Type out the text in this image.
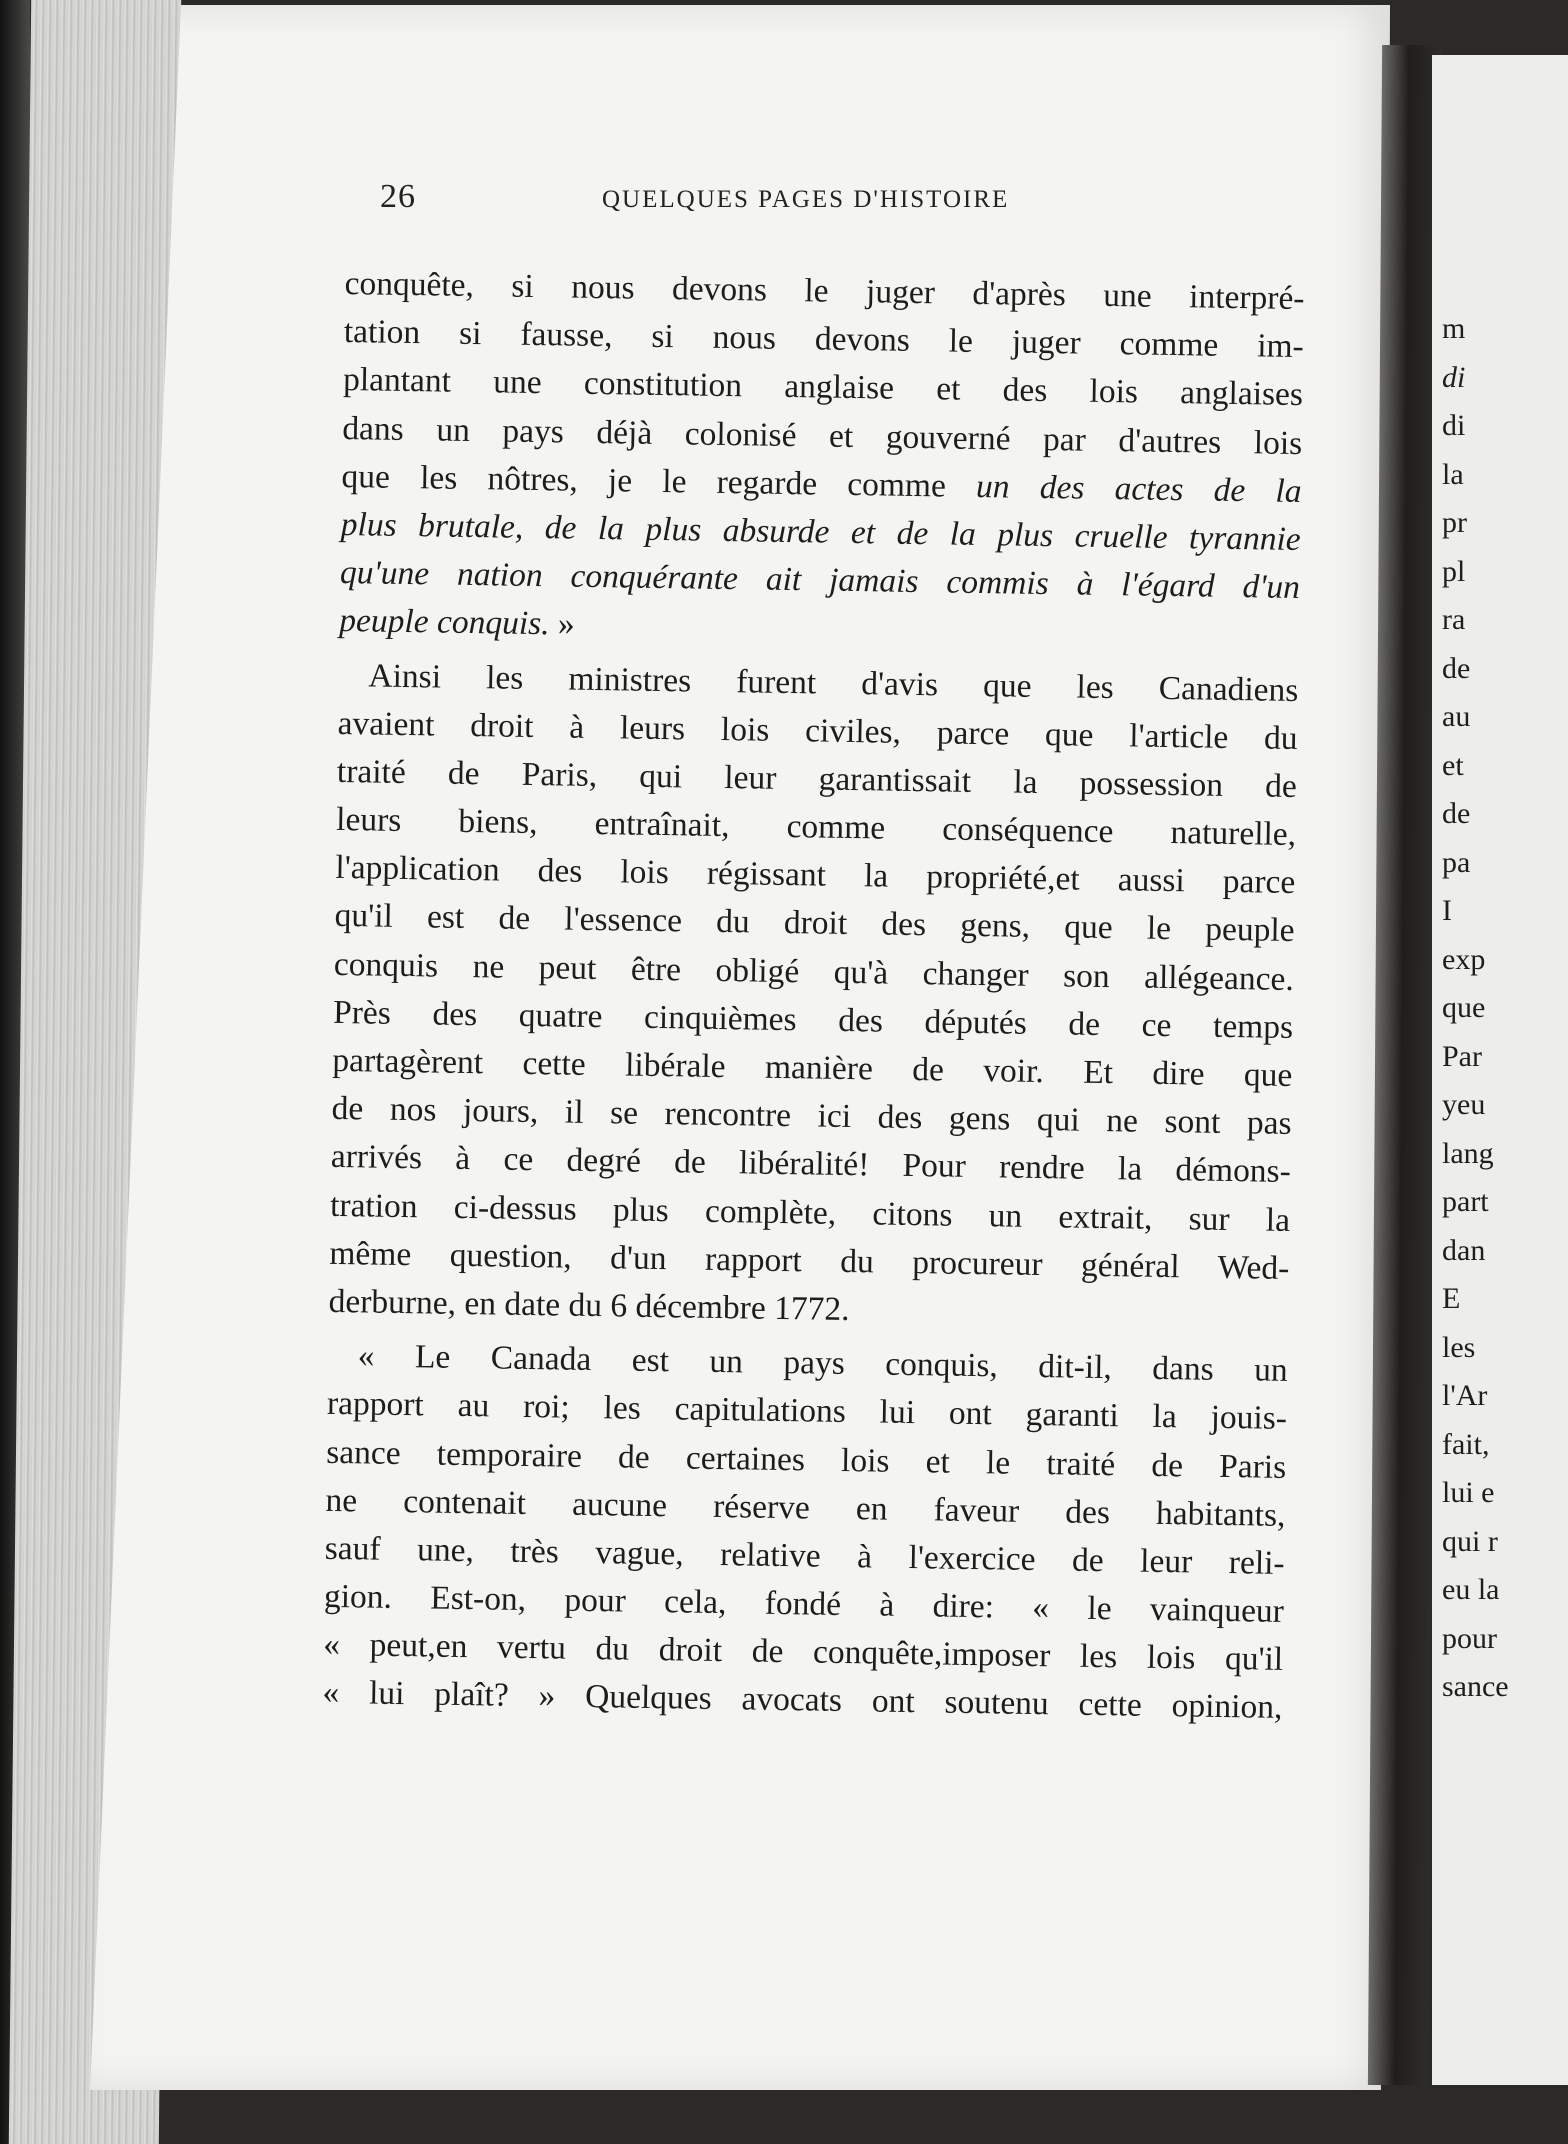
m
di
di
la
pr
pl
ra
de
au
et
de
pa
I
exp
que
Par
yeu
lang
part
dan
E
les
l'Ar
fait,
lui e
qui r
eu la
pour
sance
26	QUELQUES PAGES D'HISTOIRE
conquête, si nous devons le juger d'après une interpré-
tation si fausse, si nous devons le juger comme im-
plantant une constitution anglaise et des lois anglaises
dans un pays déjà colonisé et gouverné par d'autres lois
que les nôtres, je le regarde comme un des actes de la
plus brutale, de la plus absurde et de la plus cruelle tyrannie
qu'une nation conquérante ait jamais commis à l'égard d'un
peuple conquis. »
Ainsi les ministres furent d'avis que les Canadiens
avaient droit à leurs lois civiles, parce que l'article du
traité de Paris, qui leur garantissait la possession de
leurs biens, entraînait, comme conséquence naturelle,
l'application des lois régissant la propriété,et aussi parce
qu'il est de l'essence du droit des gens, que le peuple
conquis ne peut être obligé qu'à changer son allégeance.
Près des quatre cinquièmes des députés de ce temps
partagèrent cette libérale manière de voir. Et dire que
de nos jours, il se rencontre ici des gens qui ne sont pas
arrivés à ce degré de libéralité! Pour rendre la démons-
tration ci-dessus plus complète, citons un extrait, sur la
même question, d'un rapport du procureur général Wed-
derburne, en date du 6 décembre 1772.
« Le Canada est un pays conquis, dit-il, dans un
rapport au roi; les capitulations lui ont garanti la jouis-
sance temporaire de certaines lois et le traité de Paris
ne contenait aucune réserve en faveur des habitants,
sauf une, très vague, relative à l'exercice de leur reli-
gion. Est-on, pour cela, fondé à dire: « le vainqueur
« peut,en vertu du droit de conquête,imposer les lois qu'il
« lui plaît? » Quelques avocats ont soutenu cette opinion,
